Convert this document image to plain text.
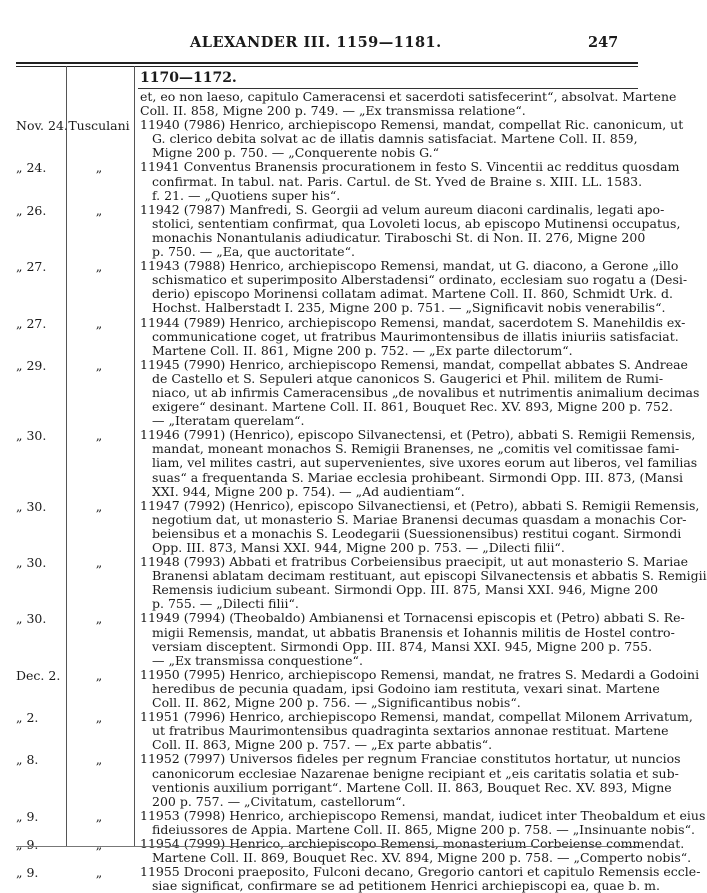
ALEXANDER III. 1159—1181.	247
1170—1172.
et, eo non laeso, capitulo Cameracensi et sacerdoti satisfecerint“, absolvat. Martene
Coll. II. 858, Migne 200 p. 749. — „Ex transmissa relatione“.
Nov. 24. Tusculani 11940 (7986) Henrico, archiepiscopo Remensi, mandat, compellat Ric. canonicum, ut
G. clerico debita solvat ac de illatis damnis satisfaciat. Martene Coll. II. 859,
Migne 200 p. 750. — „Conquerente nobis G.“
„ 24.	„	11941 Conventus Branensis procurationem in festo S. Vincentii ac redditus quosdam
confirmat. In tabul. nat. Paris. Cartul. de St. Yved de Braine s. XIII. LL. 1583.
f. 21. — „Quotiens super his“.
„ 26.	„	11942 (7987) Manfredi, S. Georgii ad velum aureum diaconi cardinalis, legati apo-
stolici, sententiam confirmat, qua Lovoleti locus, ab episcopo Mutinensi occupatus,
monachis Nonantulanis adiudicatur. Tiraboschi St. di Non. II. 276, Migne 200
p. 750. — „Ea, que auctoritate“.
„ 27.	„	11943 (7988) Henrico, archiepiscopo Remensi, mandat, ut G. diacono, a Gerone „illo
schismatico et superimposito Alberstadensi“ ordinato, ecclesiam suo rogatu a (Desi-
derio) episcopo Morinensi collatam adimat. Martene Coll. II. 860, Schmidt Urk. d.
Hochst. Halberstadt I. 235, Migne 200 p. 751. — „Significavit nobis venerabilis“.
„ 27.	„	11944 (7989) Henrico, archiepiscopo Remensi, mandat, sacerdotem S. Manehildis ex-
communicatione coget, ut fratribus Maurimontensibus de illatis iniuriis satisfaciat.
Martene Coll. II. 861, Migne 200 p. 752. — „Ex parte dilectorum“.
„ 29.	„	11945 (7990) Henrico, archiepiscopo Remensi, mandat, compellat abbates S. Andreae
de Castello et S. Sepuleri atque canonicos S. Gaugerici et Phil. militem de Rumi-
niaco, ut ab infirmis Cameracensibus „de novalibus et nutrimentis animalium decimas
exigere“ desinant. Martene Coll. II. 861, Bouquet Rec. XV. 893, Migne 200 p. 752.
— „Iteratam querelam“.
„ 30.	„	11946 (7991) (Henrico), episcopo Silvanectensi, et (Petro), abbati S. Remigii Remensis,
mandat, moneant monachos S. Remigii Branenses, ne „comitis vel comitissae fami-
liam, vel milites castri, aut supervenientes, sive uxores eorum aut liberos, vel familias
suas“ a frequentanda S. Mariae ecclesia prohibeant. Sirmondi Opp. III. 873, (Mansi
XXI. 944, Migne 200 p. 754). — „Ad audientiam“.
„ 30.	„	11947 (7992) (Henrico), episcopo Silvanectiensi, et (Petro), abbati S. Remigii Remensis,
negotium dat, ut monasterio S. Mariae Branensi decumas quasdam a monachis Cor-
beiensibus et a monachis S. Leodegarii (Suessionensibus) restitui cogant. Sirmondi
Opp. III. 873, Mansi XXI. 944, Migne 200 p. 753. — „Dilecti filii“.
„ 30.	„	11948 (7993) Abbati et fratribus Corbeiensibus praecipit, ut aut monasterio S. Mariae
Branensi ablatam decimam restituant, aut episcopi Silvanectensis et abbatis S. Remigii
Remensis iudicium subeant. Sirmondi Opp. III. 875, Mansi XXI. 946, Migne 200
p. 755. — „Dilecti filii“.
„ 30.	„	11949 (7994) (Theobaldo) Ambianensi et Tornacensi episcopis et (Petro) abbati S. Re-
migii Remensis, mandat, ut abbatis Branensis et Iohannis militis de Hostel contro-
versiam disceptent. Sirmondi Opp. III. 874, Mansi XXI. 945, Migne 200 p. 755.
— „Ex transmissa conquestione“.
Dec. 2.	„	11950 (7995) Henrico, archiepiscopo Remensi, mandat, ne fratres S. Medardi a Godoini
heredibus de pecunia quadam, ipsi Godoino iam restituta, vexari sinat. Martene
Coll. II. 862, Migne 200 p. 756. — „Significantibus nobis“.
„ 2.	„	11951 (7996) Henrico, archiepiscopo Remensi, mandat, compellat Milonem Arrivatum,
ut fratribus Maurimontensibus quadraginta sextarios annonae restituat. Martene
Coll. II. 863, Migne 200 p. 757. — „Ex parte abbatis“.
„ 8.	„	11952 (7997) Universos fideles per regnum Franciae constitutos hortatur, ut nuncios
canonicorum ecclesiae Nazarenae benigne recipiant et „eis caritatis solatia et sub-
ventionis auxilium porrigant“. Martene Coll. II. 863, Bouquet Rec. XV. 893, Migne
200 p. 757. — „Civitatum, castellorum“.
„ 9.	„	11953 (7998) Henrico, archiepiscopo Remensi, mandat, iudicet inter Theobaldum et eius
fideiussores de Appia. Martene Coll. II. 865, Migne 200 p. 758. — „Insinuante nobis“.
„ 9.	„	11954 (7999) Henrico, archiepiscopo Remensi, monasterium Corbeiense commendat.
Martene Coll. II. 869, Bouquet Rec. XV. 894, Migne 200 p. 758. — „Comperto nobis“.
„ 9.	„	11955 Droconi praeposito, Fulconi decano, Gregorio cantori et capitulo Remensis eccle-
siae significat, confirmare se ad petitionem Henrici archiepiscopi ea, quae b. m.
